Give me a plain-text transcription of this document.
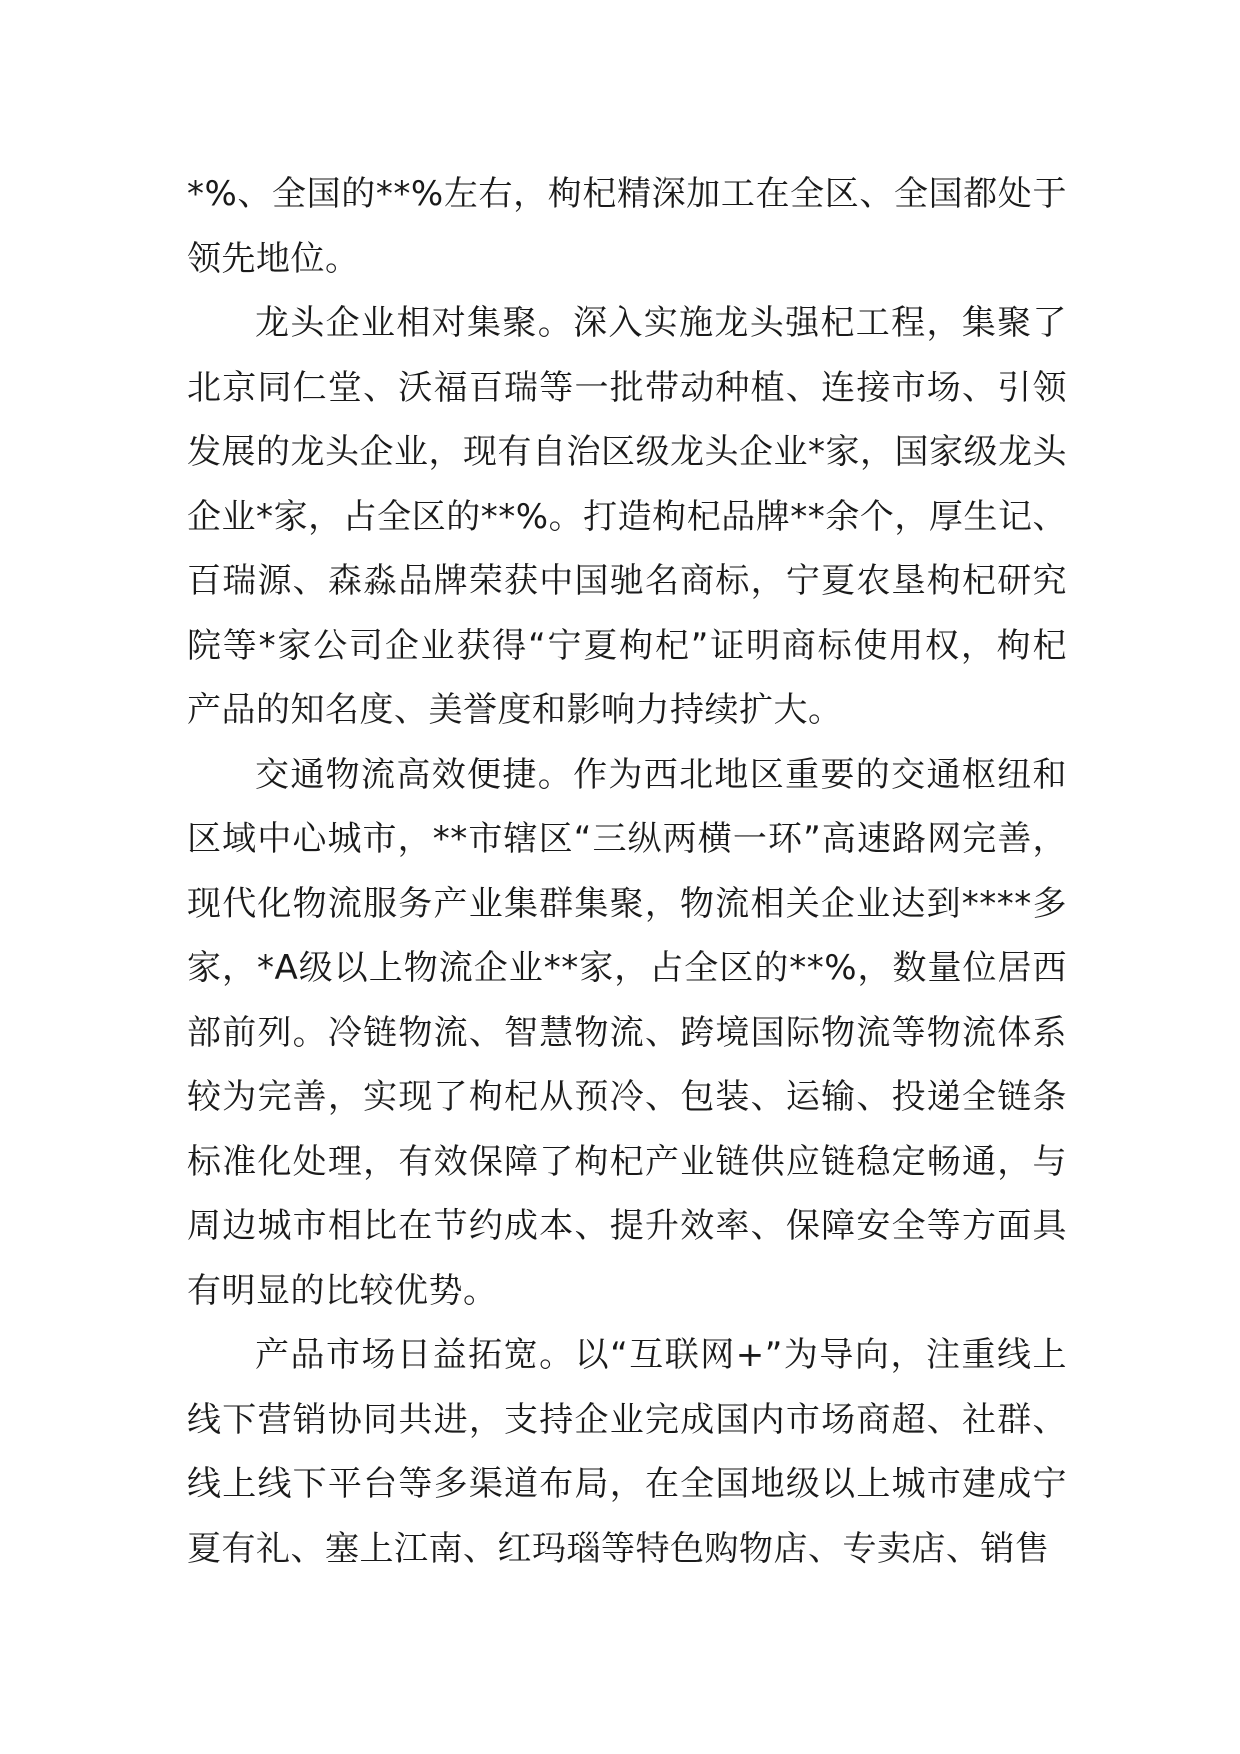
*%、全国的**%左右，枸杞精深加工在全区、全国都处于领先地位。

龙头企业相对集聚。深入实施龙头强杞工程，集聚了北京同仁堂、沃福百瑞等一批带动种植、连接市场、引领发展的龙头企业，现有自治区级龙头企业*家，国家级龙头企业*家，占全区的**%。打造枸杞品牌**余个，厚生记、百瑞源、森淼品牌荣获中国驰名商标，宁夏农垦枸杞研究院等*家公司企业获得“宁夏枸杞”证明商标使用权，枸杞产品的知名度、美誉度和影响力持续扩大。

交通物流高效便捷。作为西北地区重要的交通枢纽和区域中心城市，**市辖区“三纵两横一环”高速路网完善，现代化物流服务产业集群集聚，物流相关企业达到****多家，*A级以上物流企业**家，占全区的**%，数量位居西部前列。冷链物流、智慧物流、跨境国际物流等物流体系较为完善，实现了枸杞从预冷、包装、运输、投递全链条标准化处理，有效保障了枸杞产业链供应链稳定畅通，与周边城市相比在节约成本、提升效率、保障安全等方面具有明显的比较优势。

产品市场日益拓宽。以“互联网+”为导向，注重线上线下营销协同共进，支持企业完成国内市场商超、社群、线上线下平台等多渠道布局，在全国地级以上城市建成宁夏有礼、塞上江南、红玛瑙等特色购物店、专卖店、销售
